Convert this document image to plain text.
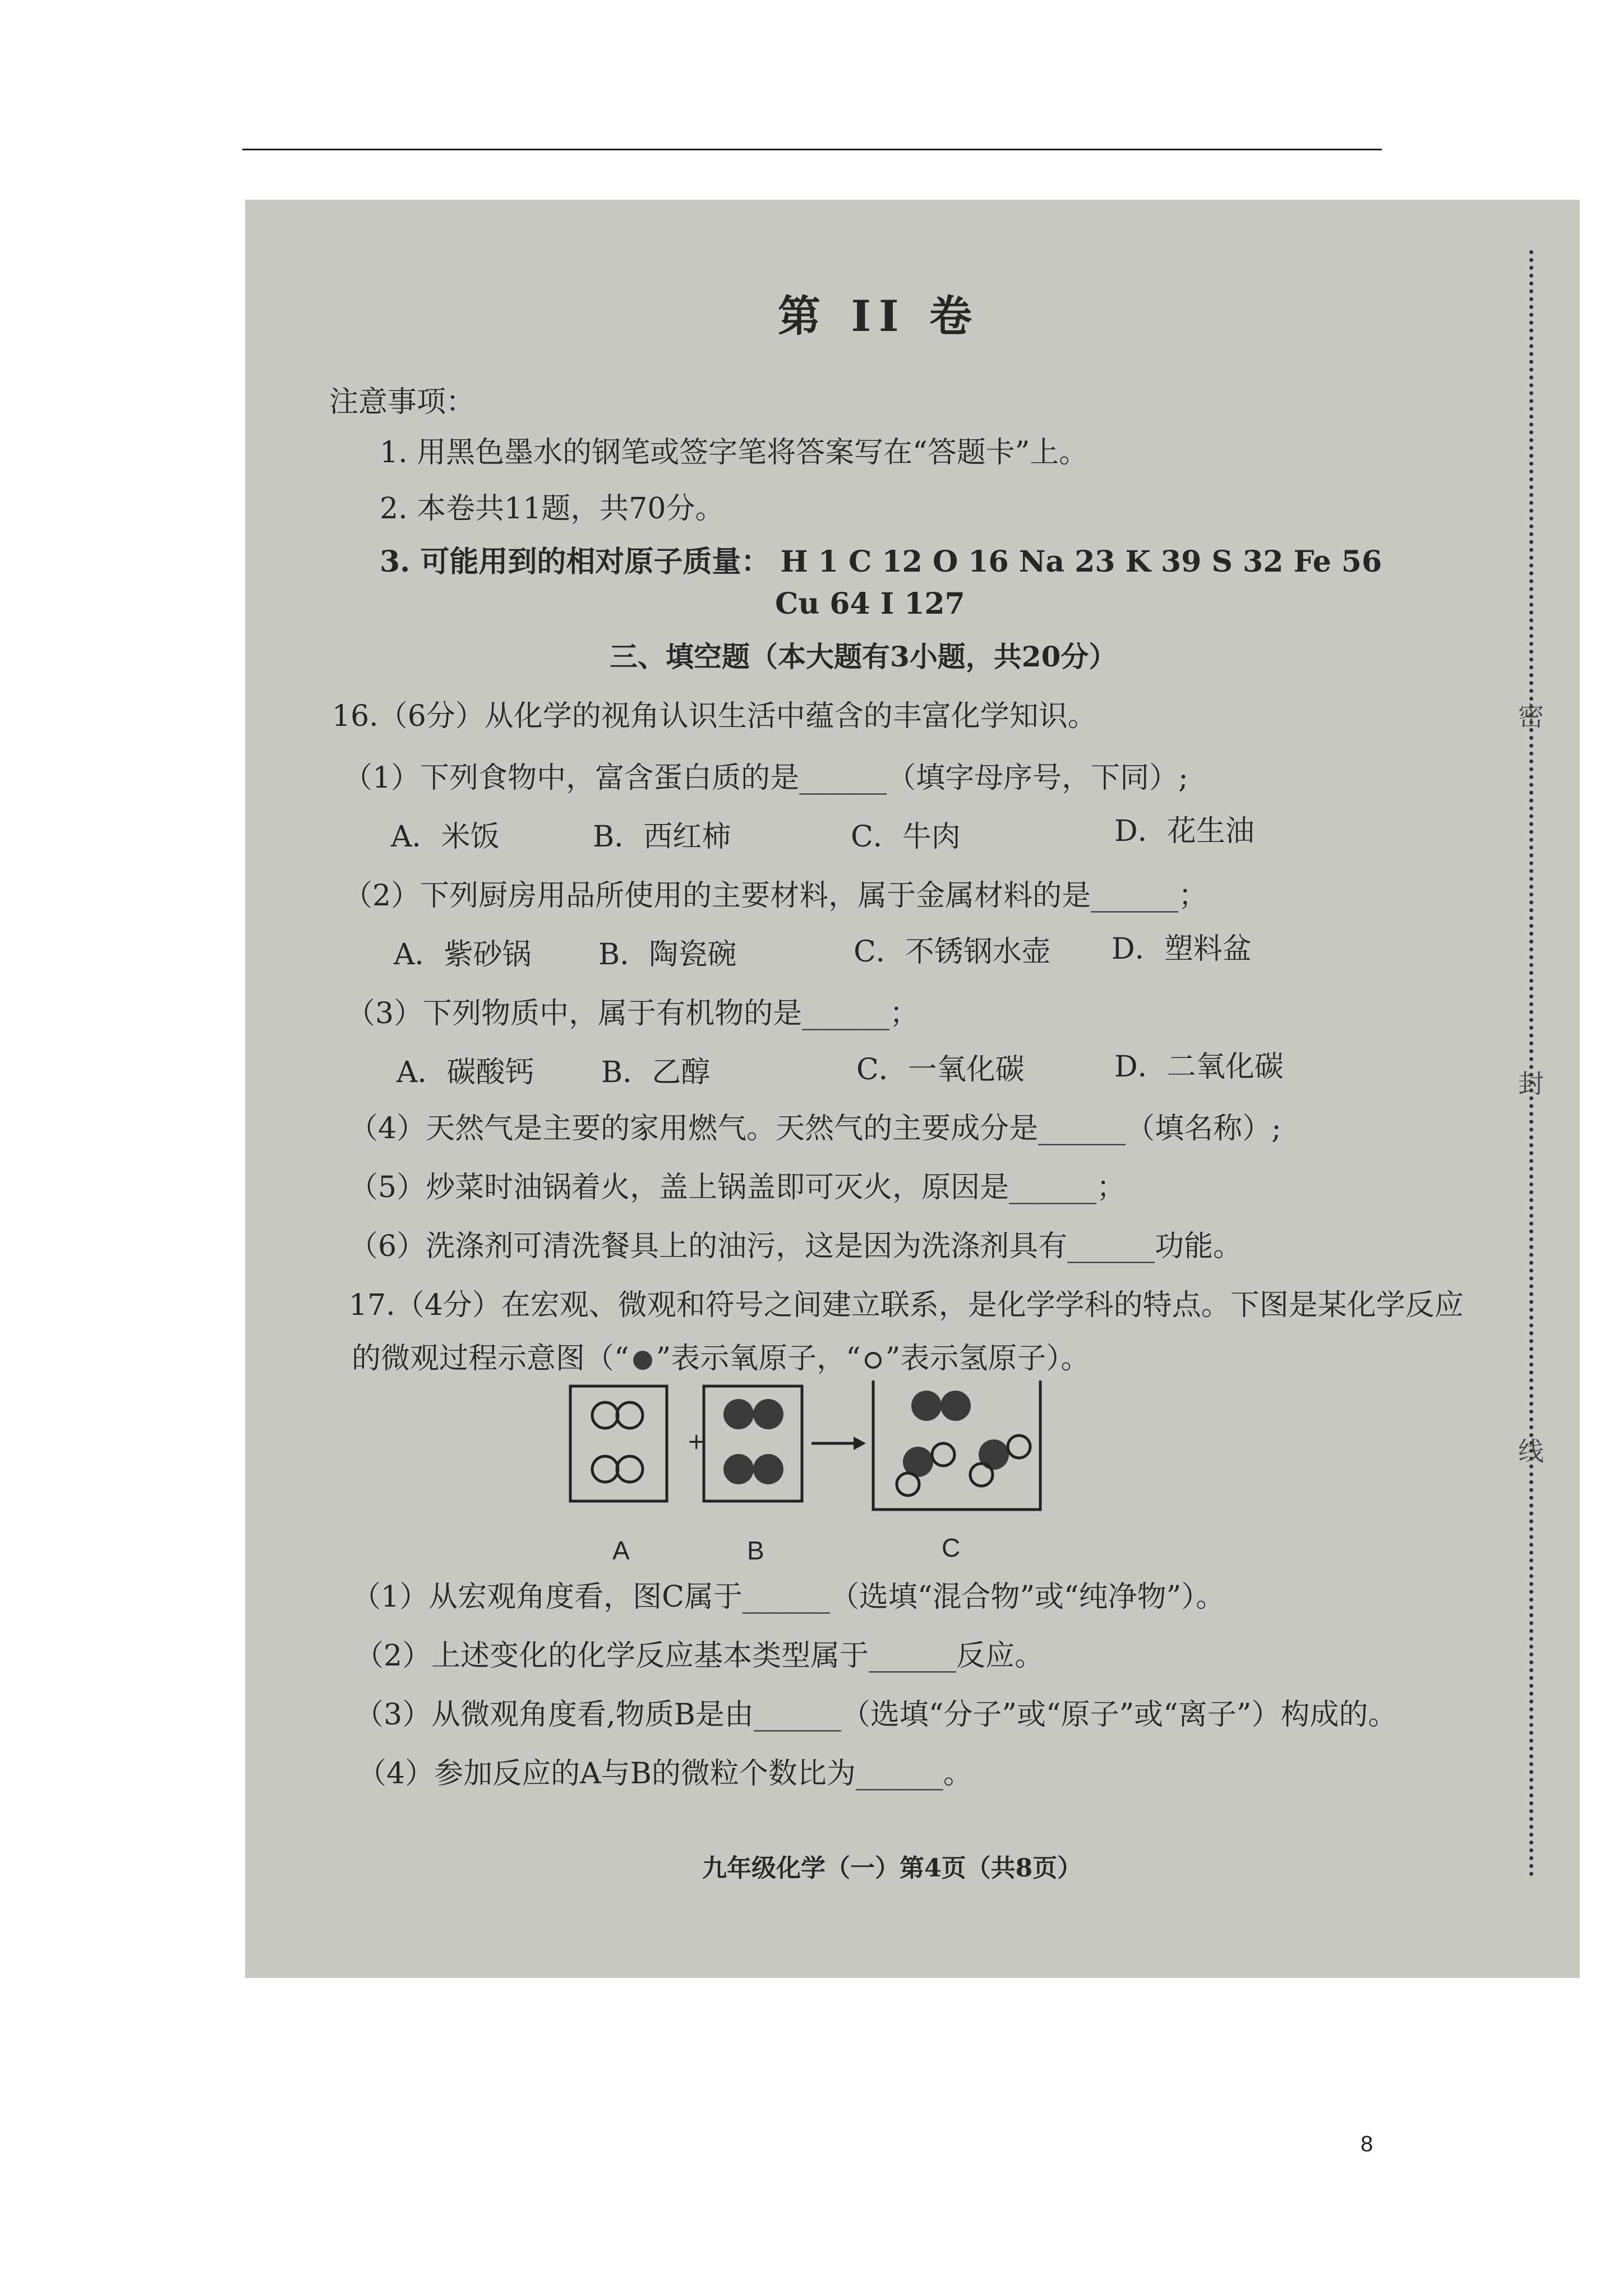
第 II 卷
注意事项：
1. 用黑色墨水的钢笔或签字笔将答案写在“答题卡”上。
2. 本卷共11题，共70分。
3. 可能用到的相对原子质量： H 1 C 12 O 16 Na 23 K 39 S 32 Fe 56
Cu 64 I 127
三、填空题（本大题有3小题，共20分）
16.（6分）从化学的视角认识生活中蕴含的丰富化学知识。
（1）下列食物中，富含蛋白质的是______（填字母序号，下同）;
A．米饭	B．西红柿	C．牛肉	D．花生油
（2）下列厨房用品所使用的主要材料，属于金属材料的是______；
A．紫砂锅 B．陶瓷碗	C．不锈钢水壶 D．塑料盆
（3）下列物质中，属于有机物的是______；
A．碳酸钙 B．乙醇	C．一氧化碳	D．二氧化碳
（4）天然气是主要的家用燃气。天然气的主要成分是______（填名称）;
（5）炒菜时油锅着火，盖上锅盖即可灭火，原因是______；
（6）洗涤剂可清洗餐具上的油污，这是因为洗涤剂具有______功能。
17.（4分）在宏观、微观和符号之间建立联系，是化学学科的特点。下图是某化学反应
的微观过程示意图（“ ”表示氧原子，“ ”表示氢原子）。
+
A	B	C
（1）从宏观角度看，图C属于______（选填“混合物”或“纯净物”）。
（2）上述变化的化学反应基本类型属于______反应。
（3）从微观角度看,物质B是由______（选填“分子”或“原子”或“离子”）构成的。
（4）参加反应的A与B的微粒个数比为______。
九年级化学（一）第4页（共8页）
密
封
线
8
